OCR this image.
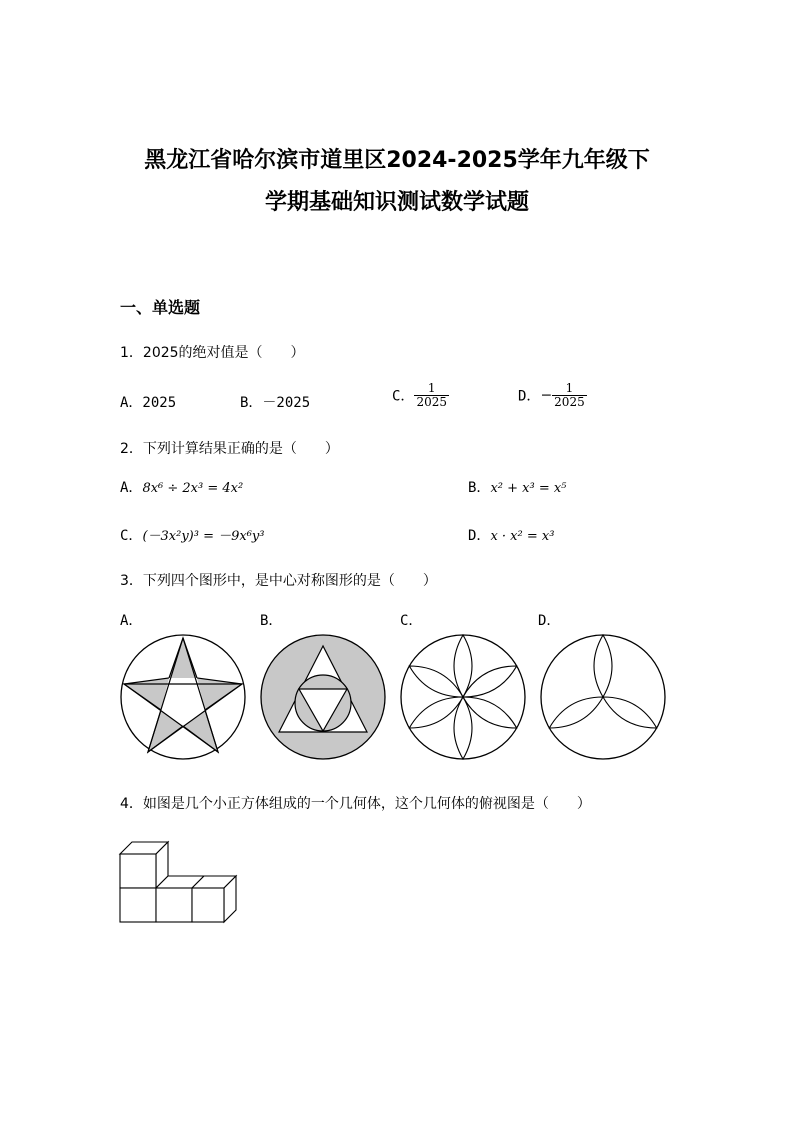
黑龙江省哈尔滨市道里区2024-2025学年九年级下
学期基础知识测试数学试题
一、单选题
1．2025的绝对值是（　　）
A．2025	B．－2025	C． $\frac{1}{2025}$	D．− $\frac{1}{2025}$
2．下列计算结果正确的是（　　）
A．8x⁶ ÷ 2x³ = 4x²	B．x² + x³ = x⁵
C．(－3x²y)³ = －9x⁶y³	D．x · x² = x³
3．下列四个图形中，是中心对称图形的是（　　）
A．	B．	C．	D．
4．如图是几个小正方体组成的一个几何体，这个几何体的俯视图是（　　）
